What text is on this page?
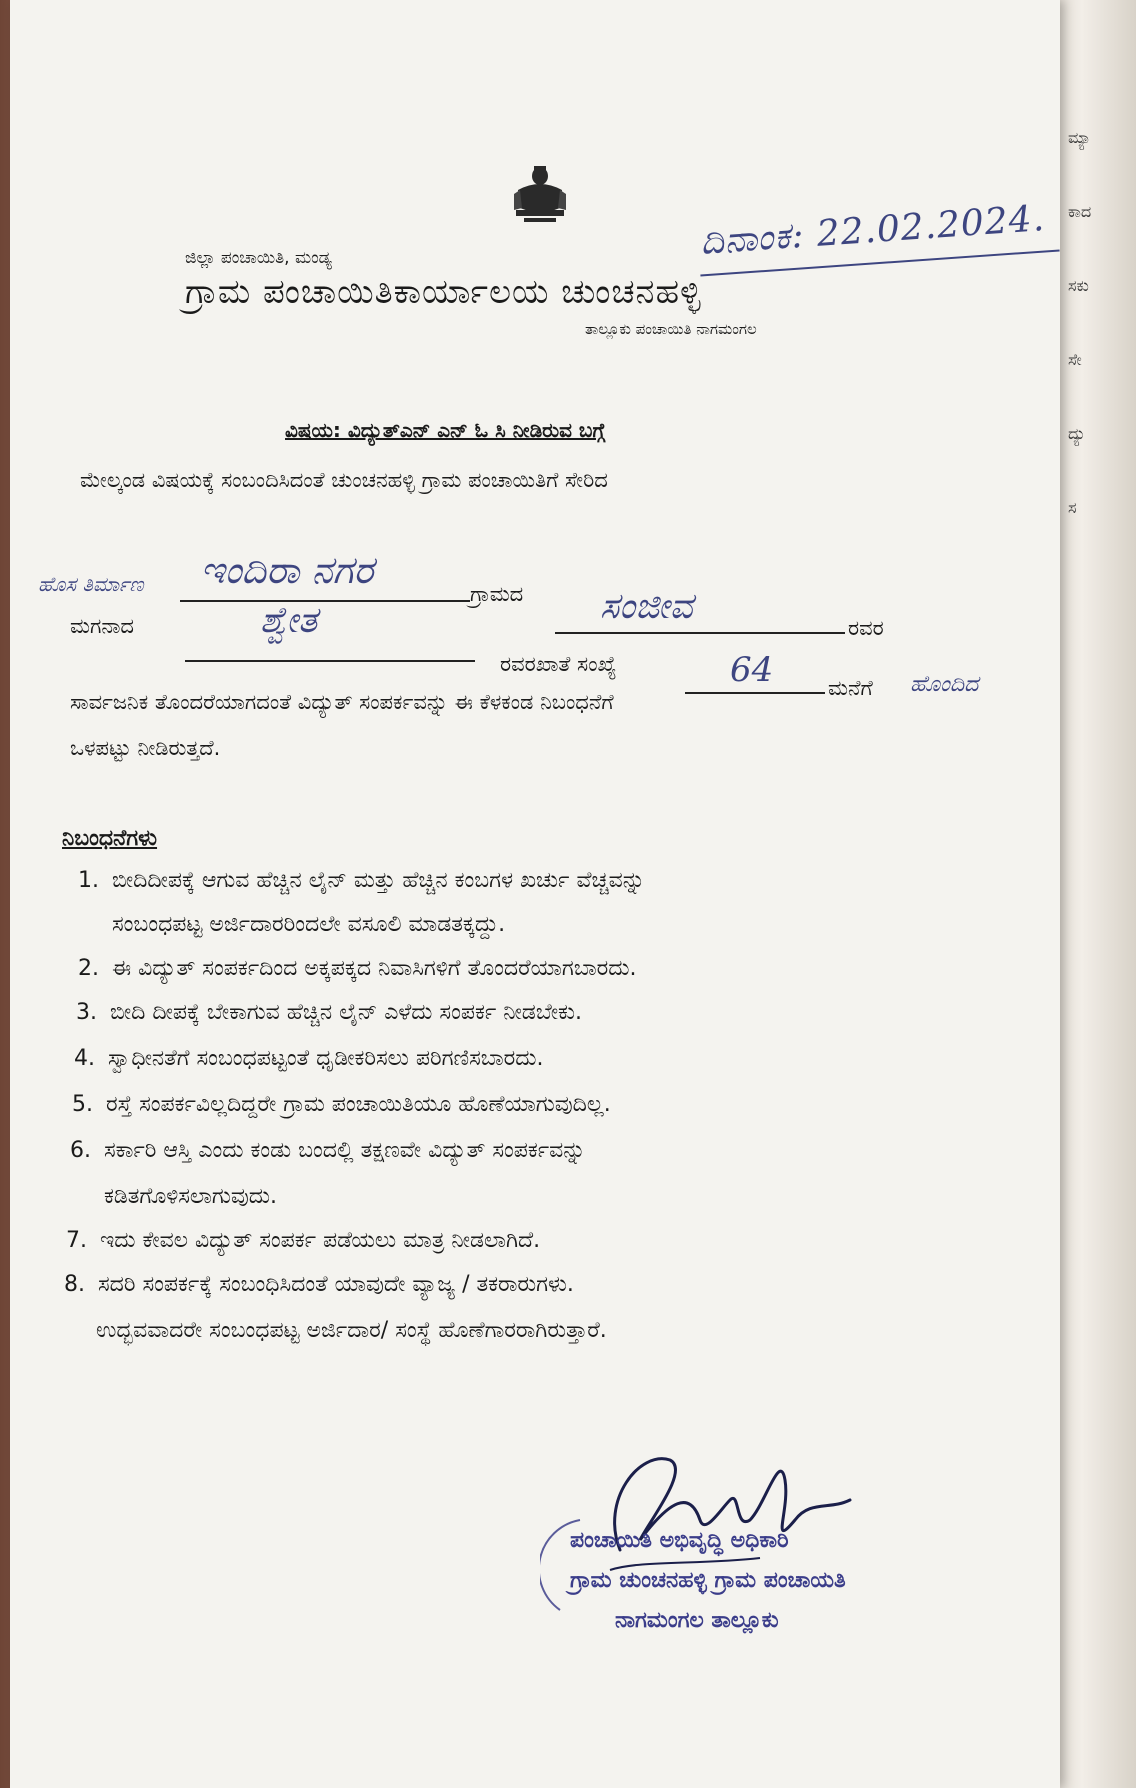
ಮ್ಯಾ
ಕಾದ
ಸಕು
ಸೇ
ದ್ಯು
ಸ
ಜಿಲ್ಲಾ ಪಂಚಾಯಿತಿ, ಮಂಡ್ಯ	ದಿನಾಂಕ: 22.02.2024.
ಗ್ರಾಮ ಪಂಚಾಯಿತಿಕಾರ್ಯಾಲಯ ಚುಂಚನಹಳ್ಳಿ
ತಾಲ್ಲೂಕು ಪಂಚಾಯಿತಿ ನಾಗಮಂಗಲ
ವಿಷಯ: ವಿದ್ಯುತ್ಎನ್ ಎನ್ ಓ ಸಿ ನೀಡಿರುವ ಬಗ್ಗೆ
ಮೇಲ್ಕಂಡ ವಿಷಯಕ್ಕೆ ಸಂಬಂದಿಸಿದಂತೆ ಚುಂಚನಹಳ್ಳಿ ಗ್ರಾಮ ಪಂಚಾಯಿತಿಗೆ ಸೇರಿದ
ಹೊಸ ತಿರ್ಮಾಣ ಇಂದಿರಾ ನಗರ
ಗ್ರಾಮದ ಸಂಜೀವ
ರವರ
ಮಗನಾದ	ಶ್ವೇತ
ರವರಖಾತೆ ಸಂಖ್ಯೆ	64	ಮನೆಗೆ ಹೊಂದಿದ
ಸಾರ್ವಜನಿಕ ತೊಂದರೆಯಾಗದಂತೆ ವಿದ್ಯುತ್ ಸಂಪರ್ಕವನ್ನು ಈ ಕೆಳಕಂಡ ನಿಬಂಧನೆಗೆ
ಒಳಪಟ್ಟು ನೀಡಿರುತ್ತದೆ.
ನಿಬಂಧನೆಗಳು
1. ಬೀದಿದೀಪಕ್ಕೆ ಆಗುವ ಹೆಚ್ಚಿನ ಲೈನ್ ಮತ್ತು ಹೆಚ್ಚಿನ ಕಂಬಗಳ ಖರ್ಚು ವೆಚ್ಚವನ್ನು
ಸಂಬಂಧಪಟ್ಟ ಅರ್ಜಿದಾರರಿಂದಲೇ ವಸೂಲಿ ಮಾಡತಕ್ಕದ್ದು.
2. ಈ ವಿದ್ಯುತ್ ಸಂಪರ್ಕದಿಂದ ಅಕ್ಕಪಕ್ಕದ ನಿವಾಸಿಗಳಿಗೆ ತೊಂದರೆಯಾಗಬಾರದು.
3. ಬೀದಿ ದೀಪಕ್ಕೆ ಬೇಕಾಗುವ ಹೆಚ್ಚಿನ ಲೈನ್ ಎಳೆದು ಸಂಪರ್ಕ ನೀಡಬೇಕು.
4. ಸ್ವಾಧೀನತೆಗೆ ಸಂಬಂಧಪಟ್ಟಂತೆ ಧೃಡೀಕರಿಸಲು ಪರಿಗಣಿಸಬಾರದು.
5. ರಸ್ತೆ ಸಂಪರ್ಕವಿಲ್ಲದಿದ್ದರೇ ಗ್ರಾಮ ಪಂಚಾಯಿತಿಯೂ ಹೊಣೆಯಾಗುವುದಿಲ್ಲ.
6. ಸರ್ಕಾರಿ ಆಸ್ತಿ ಎಂದು ಕಂಡು ಬಂದಲ್ಲಿ ತಕ್ಷಣವೇ ವಿದ್ಯುತ್ ಸಂಪರ್ಕವನ್ನು
ಕಡಿತಗೊಳಿಸಲಾಗುವುದು.
7. ಇದು ಕೇವಲ ವಿದ್ಯುತ್ ಸಂಪರ್ಕ ಪಡೆಯಲು ಮಾತ್ರ ನೀಡಲಾಗಿದೆ.
8. ಸದರಿ ಸಂಪರ್ಕಕ್ಕೆ ಸಂಬಂಧಿಸಿದಂತೆ ಯಾವುದೇ ವ್ಯಾಜ್ಯ / ತಕರಾರುಗಳು.
ಉದ್ಭವವಾದರೇ ಸಂಬಂಧಪಟ್ಟ ಅರ್ಜಿದಾರ/ ಸಂಸ್ಥೆ ಹೊಣೆಗಾರರಾಗಿರುತ್ತಾರೆ.
ಪಂಚಾಯಿತಿ ಅಭಿವೃದ್ಧಿ ಅಧಿಕಾರಿ
ಗ್ರಾಮ ಚುಂಚನಹಳ್ಳಿ ಗ್ರಾಮ ಪಂಚಾಯತಿ
ನಾಗಮಂಗಲ ತಾಲ್ಲೂಕು
